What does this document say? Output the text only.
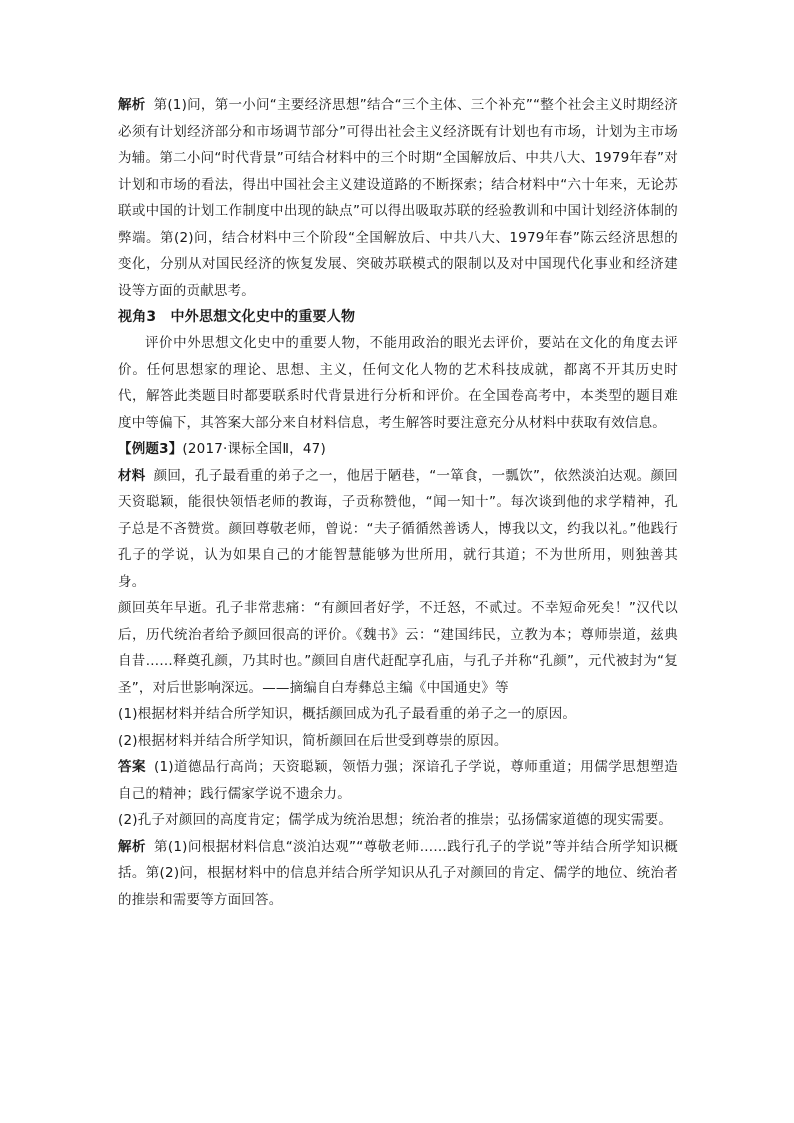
解析 第(1)问，第一小问“主要经济思想”结合“三个主体、三个补充”“整个社会主义时期经济必须有计划经济部分和市场调节部分”可得出社会主义经济既有计划也有市场，计划为主市场为辅。第二小问“时代背景”可结合材料中的三个时期“全国解放后、中共八大、1979年春”对计划和市场的看法，得出中国社会主义建设道路的不断探索；结合材料中“六十年来，无论苏联或中国的计划工作制度中出现的缺点”可以得出吸取苏联的经验教训和中国计划经济体制的弊端。第(2)问，结合材料中三个阶段“全国解放后、中共八大、1979年春”陈云经济思想的变化，分别从对国民经济的恢复发展、突破苏联模式的限制以及对中国现代化事业和经济建设等方面的贡献思考。

视角3　中外思想文化史中的重要人物

评价中外思想文化史中的重要人物，不能用政治的眼光去评价，要站在文化的角度去评价。任何思想家的理论、思想、主义，任何文化人物的艺术科技成就，都离不开其历史时代，解答此类题目时都要联系时代背景进行分析和评价。在全国卷高考中，本类型的题目难度中等偏下，其答案大部分来自材料信息，考生解答时要注意充分从材料中获取有效信息。

【例题3】(2017·课标全国Ⅱ，47)

材料 颜回，孔子最看重的弟子之一，他居于陋巷，“一箪食，一瓢饮”，依然淡泊达观。颜回天资聪颖，能很快领悟老师的教诲，子贡称赞他，“闻一知十”。每次谈到他的求学精神，孔子总是不吝赞赏。颜回尊敬老师，曾说：“夫子循循然善诱人，博我以文，约我以礼。”他践行孔子的学说，认为如果自己的才能智慧能够为世所用，就行其道；不为世所用，则独善其身。

颜回英年早逝。孔子非常悲痛：“有颜回者好学，不迁怒，不贰过。不幸短命死矣！”汉代以后，历代统治者给予颜回很高的评价。《魏书》云：“建国纬民，立教为本；尊师崇道，兹典自昔……释奠孔颜，乃其时也。”颜回自唐代赶配享孔庙，与孔子并称“孔颜”，元代被封为“复圣”，对后世影响深远。——摘编自白寿彝总主编《中国通史》等

(1)根据材料并结合所学知识，概括颜回成为孔子最看重的弟子之一的原因。

(2)根据材料并结合所学知识，简析颜回在后世受到尊崇的原因。

答案 (1)道德品行高尚；天资聪颖，领悟力强；深谙孔子学说，尊师重道；用儒学思想塑造自己的精神；践行儒家学说不遗余力。

(2)孔子对颜回的高度肯定；儒学成为统治思想；统治者的推崇；弘扬儒家道德的现实需要。

解析 第(1)问根据材料信息“淡泊达观”“尊敬老师……践行孔子的学说”等并结合所学知识概括。第(2)问，根据材料中的信息并结合所学知识从孔子对颜回的肯定、儒学的地位、统治者的推崇和需要等方面回答。
